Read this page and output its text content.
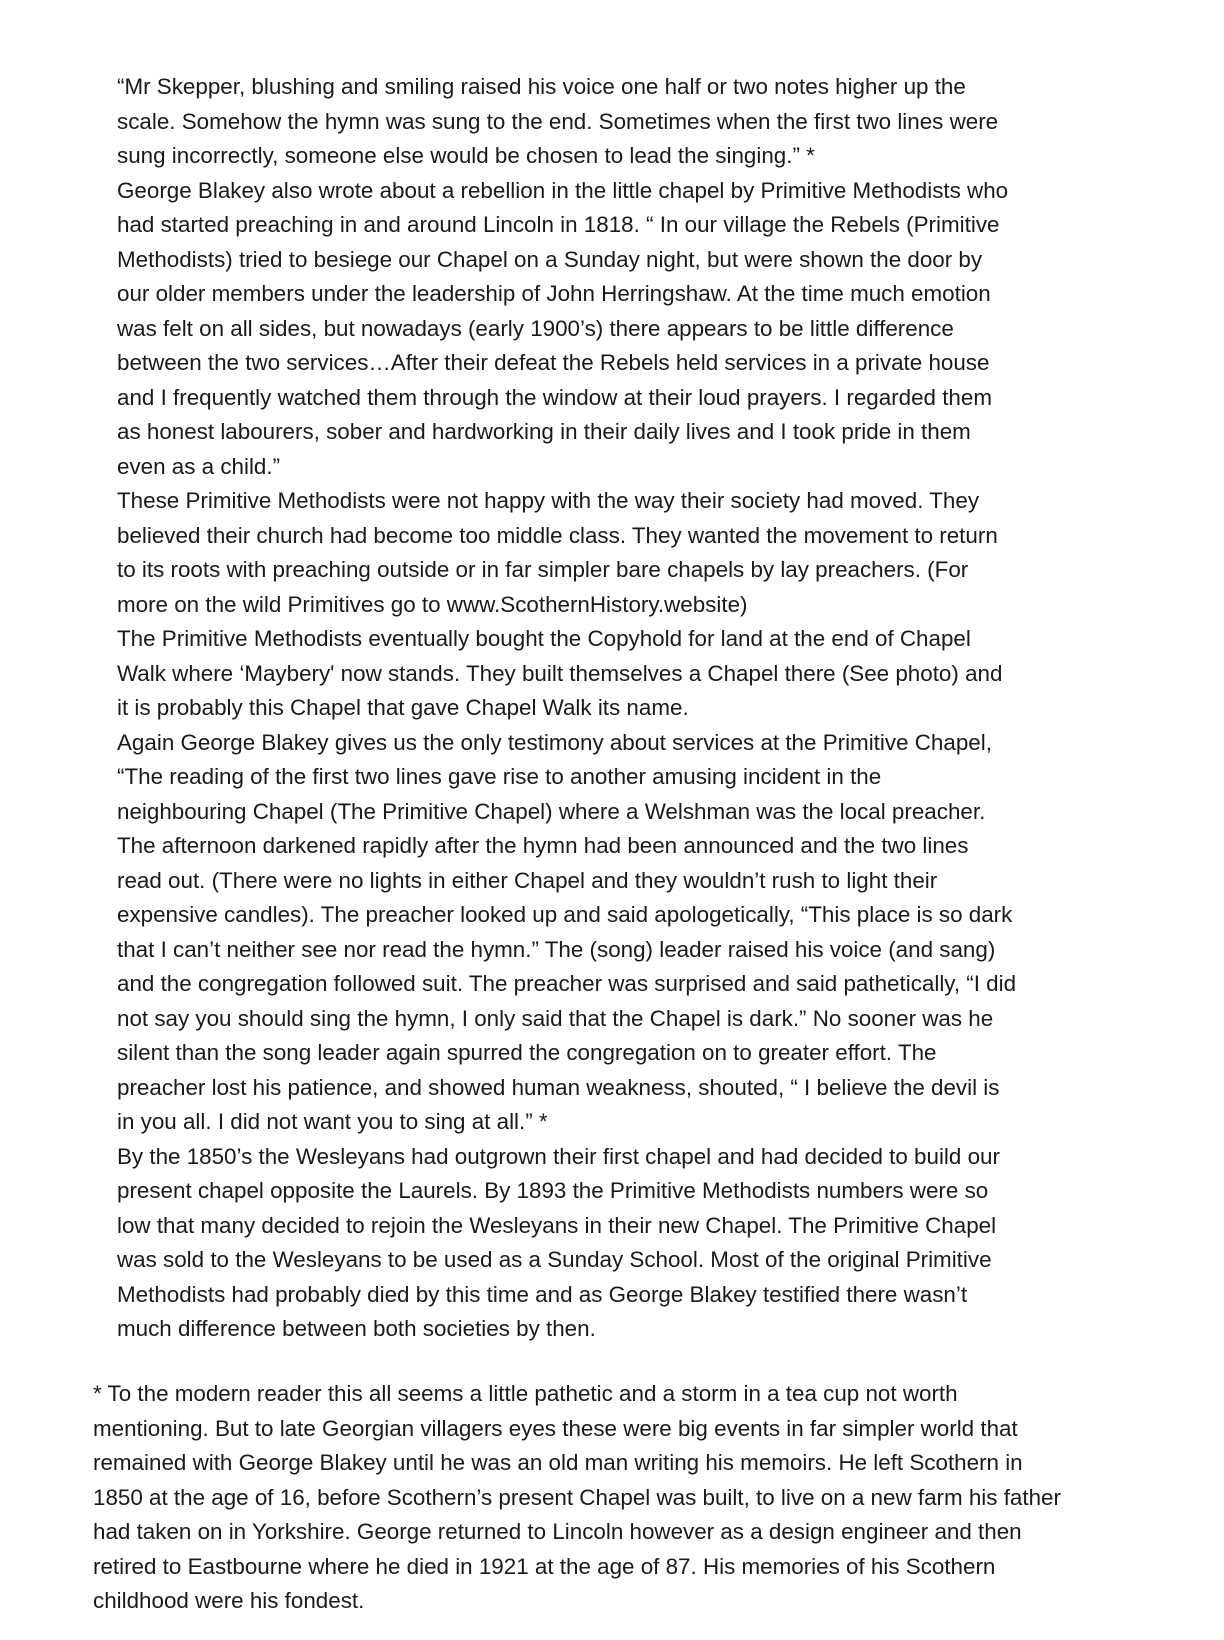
“Mr Skepper, blushing and smiling raised his voice one half or two notes higher up the
scale. Somehow the hymn was sung to the end. Sometimes when the first two lines were
sung incorrectly, someone else would be chosen to lead the singing.” *

George Blakey also wrote about a rebellion in the little chapel by Primitive Methodists who
had started preaching in and around Lincoln in 1818. “ In our village the Rebels (Primitive
Methodists) tried to besiege our Chapel on a Sunday night, but were shown the door by
our older members under the leadership of John Herringshaw. At the time much emotion
was felt on all sides, but nowadays (early 1900’s) there appears to be little difference
between the two services…After their defeat the Rebels held services in a private house
and I frequently watched them through the window at their loud prayers. I regarded them
as honest labourers, sober and hardworking in their daily lives and I took pride in them
even as a child.”

These Primitive Methodists were not happy with the way their society had moved. They
believed their church had become too middle class. They wanted the movement to return
to its roots with preaching outside or in far simpler bare chapels by lay preachers. (For
more on the wild Primitives go to www.ScothernHistory.website)

The Primitive Methodists eventually bought the Copyhold for land at the end of Chapel
Walk where ‘Maybery' now stands. They built themselves a Chapel there (See photo) and
it is probably this Chapel that gave Chapel Walk its name.

Again George Blakey gives us the only testimony about services at the Primitive Chapel,
“The reading of the first two lines gave rise to another amusing incident in the
neighbouring Chapel (The Primitive Chapel) where a Welshman was the local preacher.
The afternoon darkened rapidly after the hymn had been announced and the two lines
read out. (There were no lights in either Chapel and they wouldn’t rush to light their
expensive candles). The preacher looked up and said apologetically, “This place is so dark
that I can’t neither see nor read the hymn.” The (song) leader raised his voice (and sang)
and the congregation followed suit. The preacher was surprised and said pathetically, “I did
not say you should sing the hymn, I only said that the Chapel is dark.” No sooner was he
silent than the song leader again spurred the congregation on to greater effort. The
preacher lost his patience, and showed human weakness, shouted, “ I believe the devil is
in you all. I did not want you to sing at all.” *

By the 1850’s the Wesleyans had outgrown their first chapel and had decided to build our
present chapel opposite the Laurels. By 1893 the Primitive Methodists numbers were so
low that many decided to rejoin the Wesleyans in their new Chapel. The Primitive Chapel
was sold to the Wesleyans to be used as a Sunday School. Most of the original Primitive
Methodists had probably died by this time and as George Blakey testified there wasn’t
much difference between both societies by then.

* To the modern reader this all seems a little pathetic and a storm in a tea cup not worth
mentioning. But to late Georgian villagers eyes these were big events in far simpler world that
remained with George Blakey until he was an old man writing his memoirs. He left Scothern in
1850 at the age of 16, before Scothern’s present Chapel was built, to live on a new farm his father
had taken on in Yorkshire. George returned to Lincoln however as a design engineer and then
retired to Eastbourne where he died in 1921 at the age of 87. His memories of his Scothern
childhood were his fondest.
